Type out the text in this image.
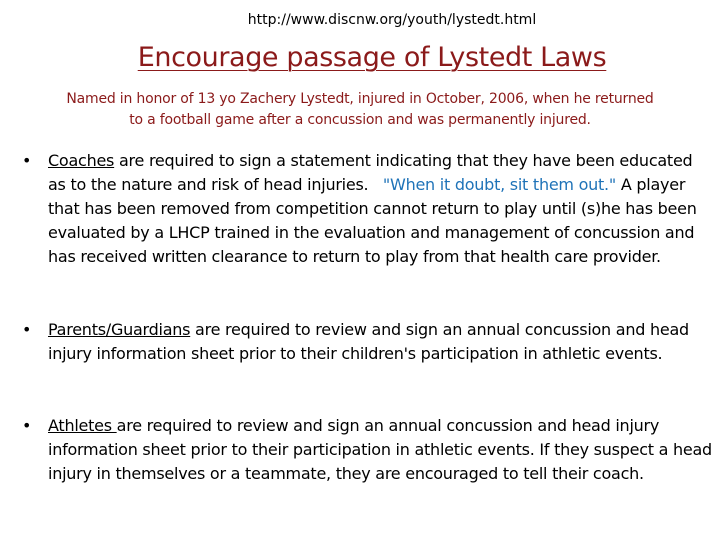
http://www.discnw.org/youth/lystedt.html
Encourage passage of Lystedt Laws
Named in honor of 13 yo Zachery Lystedt, injured in October, 2006, when he returned to a football game after a concussion and was permanently injured.
•	Coaches are required to sign a statement indicating that they have been educated as to the nature and risk of head injuries.   "When it doubt, sit them out." A player that has been removed from competition cannot return to play until (s)he has been evaluated by a LHCP trained in the evaluation and management of concussion and has received written clearance to return to play from that health care provider.
•	Parents/Guardians are required to review and sign an annual concussion and head injury information sheet prior to their children's participation in athletic events.
•	Athletes are required to review and sign an annual concussion and head injury information sheet prior to their participation in athletic events. If they suspect a head injury in themselves or a teammate, they are encouraged to tell their coach.
